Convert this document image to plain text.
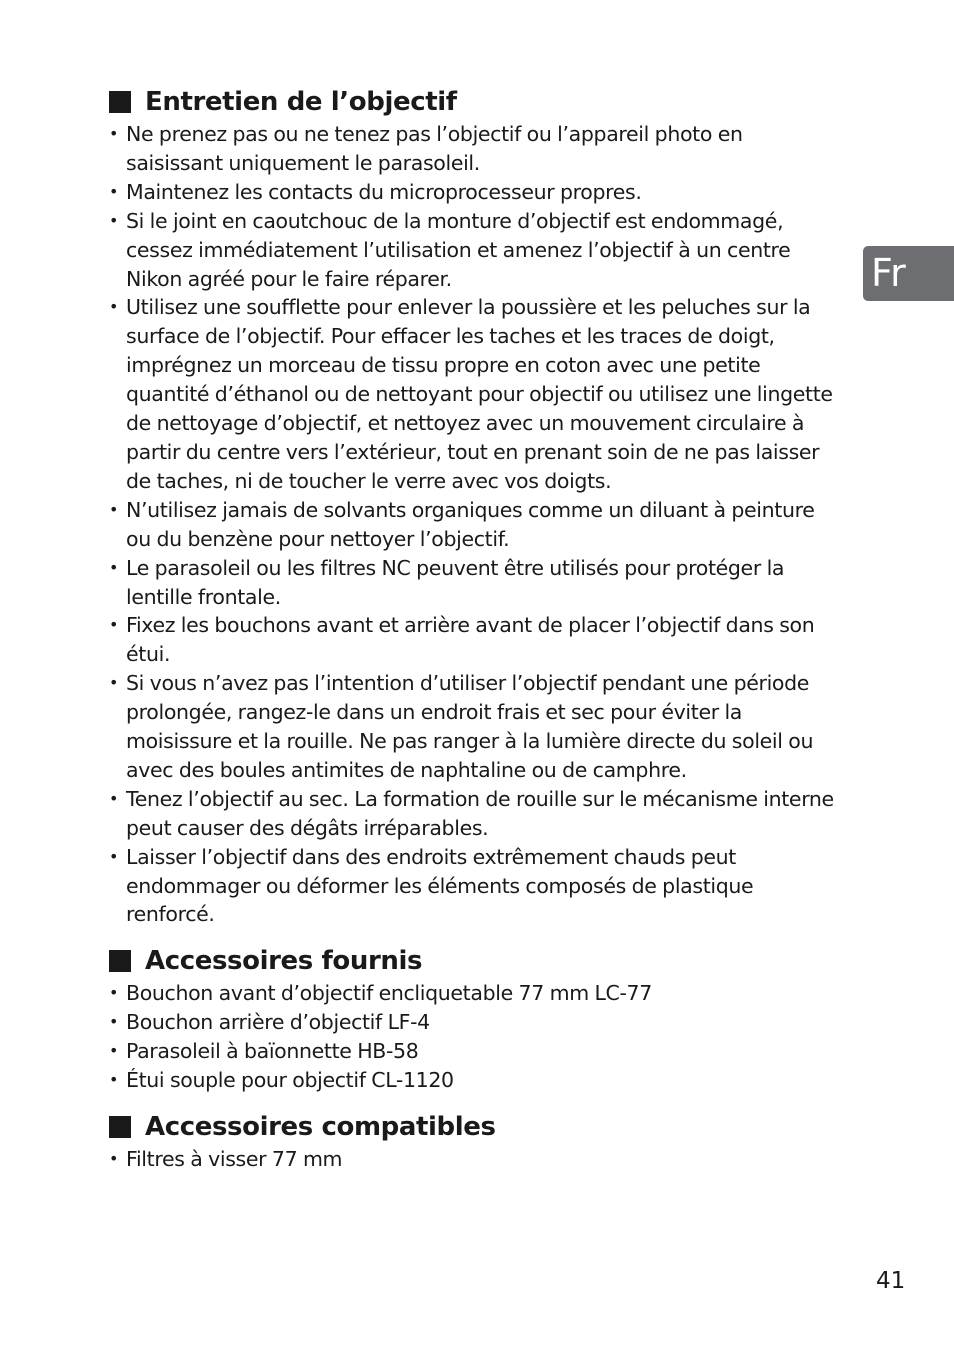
Entretien de l’objectif
• Ne prenez pas ou ne tenez pas l’objectif ou l’appareil photo en saisissant uniquement le parasoleil.
• Maintenez les contacts du microprocesseur propres.
• Si le joint en caoutchouc de la monture d’objectif est endommagé, cessez immédiatement l’utilisation et amenez l’objectif à un centre Nikon agréé pour le faire réparer.
• Utilisez une soufflette pour enlever la poussière et les peluches sur la surface de l’objectif. Pour effacer les taches et les traces de doigt, imprégnez un morceau de tissu propre en coton avec une petite quantité d’éthanol ou de nettoyant pour objectif ou utilisez une lingette de nettoyage d’objectif, et nettoyez avec un mouvement circulaire à partir du centre vers l’extérieur, tout en prenant soin de ne pas laisser de taches, ni de toucher le verre avec vos doigts.
• N’utilisez jamais de solvants organiques comme un diluant à peinture ou du benzène pour nettoyer l’objectif.
• Le parasoleil ou les filtres NC peuvent être utilisés pour protéger la lentille frontale.
• Fixez les bouchons avant et arrière avant de placer l’objectif dans son étui.
• Si vous n’avez pas l’intention d’utiliser l’objectif pendant une période prolongée, rangez-le dans un endroit frais et sec pour éviter la moisissure et la rouille. Ne pas ranger à la lumière directe du soleil ou avec des boules antimites de naphtaline ou de camphre.
• Tenez l’objectif au sec. La formation de rouille sur le mécanisme interne peut causer des dégâts irréparables.
• Laisser l’objectif dans des endroits extrêmement chauds peut endommager ou déformer les éléments composés de plastique renforcé.
Accessoires fournis
• Bouchon avant d’objectif encliquetable 77 mm LC-77
• Bouchon arrière d’objectif LF-4
• Parasoleil à baïonnette HB-58
• Étui souple pour objectif CL-1120
Accessoires compatibles
• Filtres à visser 77 mm
Fr
41
